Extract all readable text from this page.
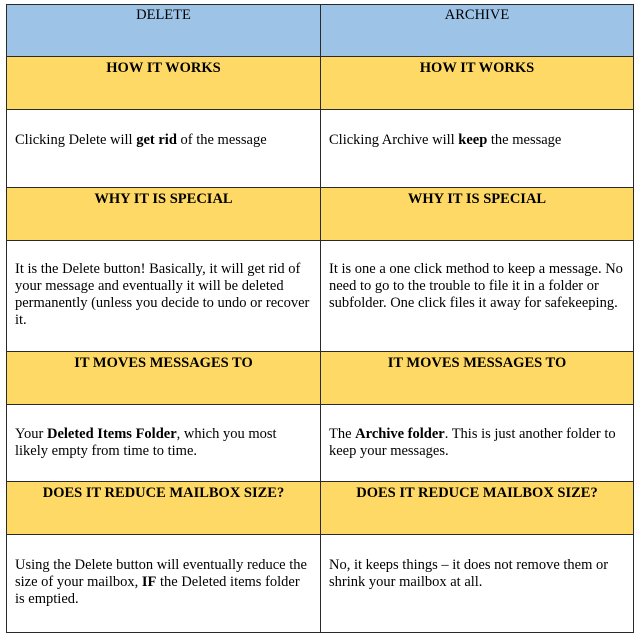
DELETE	ARCHIVE
HOW IT WORKS	HOW IT WORKS
Clicking Delete will get rid of the message	Clicking Archive will keep the message
WHY IT IS SPECIAL	WHY IT IS SPECIAL
It is the Delete button! Basically, it will get rid of your message and eventually it will be deleted permanently (unless you decide to undo or recover it.	It is one a one click method to keep a message. No need to go to the trouble to file it in a folder or subfolder. One click files it away for safekeeping.
IT MOVES MESSAGES TO	IT MOVES MESSAGES TO
Your Deleted Items Folder, which you most likely empty from time to time.	The Archive folder. This is just another folder to keep your messages.
DOES IT REDUCE MAILBOX SIZE?	DOES IT REDUCE MAILBOX SIZE?
Using the Delete button will eventually reduce the size of your mailbox, IF the Deleted items folder is emptied.	No, it keeps things – it does not remove them or shrink your mailbox at all.
